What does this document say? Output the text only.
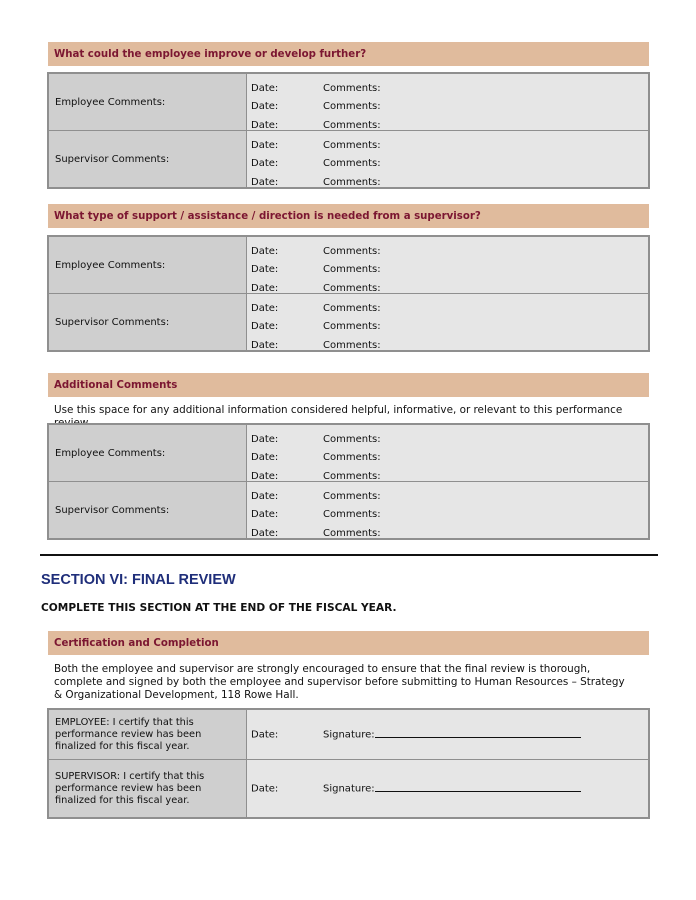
What could the employee improve or develop further?
Employee Comments:
Date:	Comments:
Date:	Comments:
Date:	Comments:
Supervisor Comments:
Date:	Comments:
Date:	Comments:
Date:	Comments:
What type of support / assistance / direction is needed from a supervisor?
Employee Comments:
Date:	Comments:
Date:	Comments:
Date:	Comments:
Supervisor Comments:
Date:	Comments:
Date:	Comments:
Date:	Comments:
Additional Comments
Use this space for any additional information considered helpful, informative, or relevant to this performance
Employee Comments:
Date:	Comments:
Date:	Comments:
Date:	Comments:
Supervisor Comments:
Date:	Comments:
Date:	Comments:
Date:	Comments:
SECTION VI: FINAL REVIEW
COMPLETE THIS SECTION AT THE END OF THE FISCAL YEAR.
Certification and Completion
Both the employee and supervisor are strongly encouraged to ensure that the final review is thorough, complete and signed by both the employee and supervisor before submitting to Human Resources – Strategy & Organizational Development, 118 Rowe Hall.
EMPLOYEE: I certify that this performance review has been finalized for this fiscal year.
Date:	Signature:
SUPERVISOR: I certify that this performance review has been finalized for this fiscal year.
Date:	Signature:
